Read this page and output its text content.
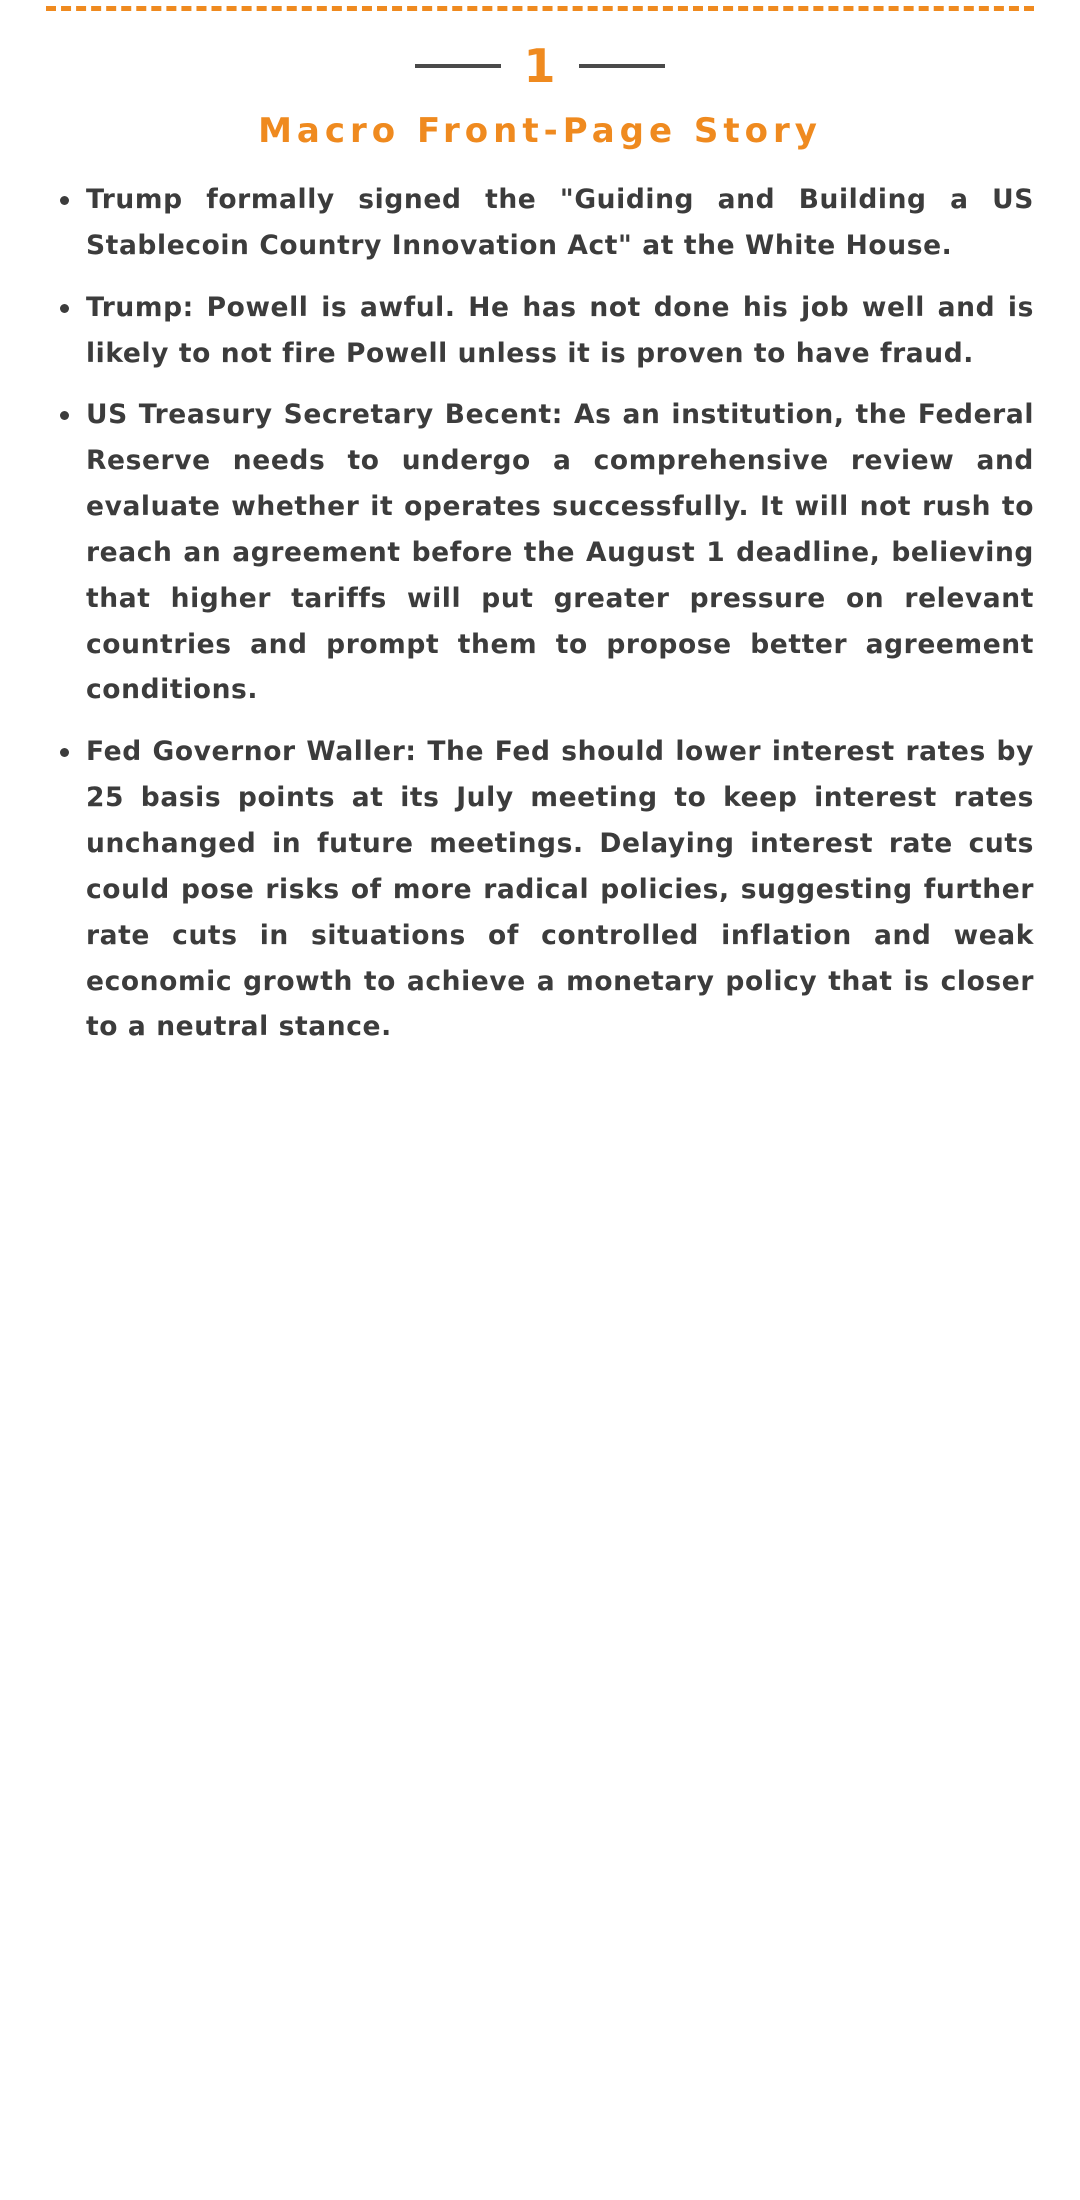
1
Macro Front-Page Story
Trump formally signed the "Guiding and Building a US Stablecoin Country Innovation Act" at the White House.
Trump: Powell is awful. He has not done his job well and is likely to not fire Powell unless it is proven to have fraud.
US Treasury Secretary Becent: As an institution, the Federal Reserve needs to undergo a comprehensive review and evaluate whether it operates successfully. It will not rush to reach an agreement before the August 1 deadline, believing that higher tariffs will put greater pressure on relevant countries and prompt them to propose better agreement conditions.
Fed Governor Waller: The Fed should lower interest rates by 25 basis points at its July meeting to keep interest rates unchanged in future meetings. Delaying interest rate cuts could pose risks of more radical policies, suggesting further rate cuts in situations of controlled inflation and weak economic growth to achieve a monetary policy that is closer to a neutral stance.
